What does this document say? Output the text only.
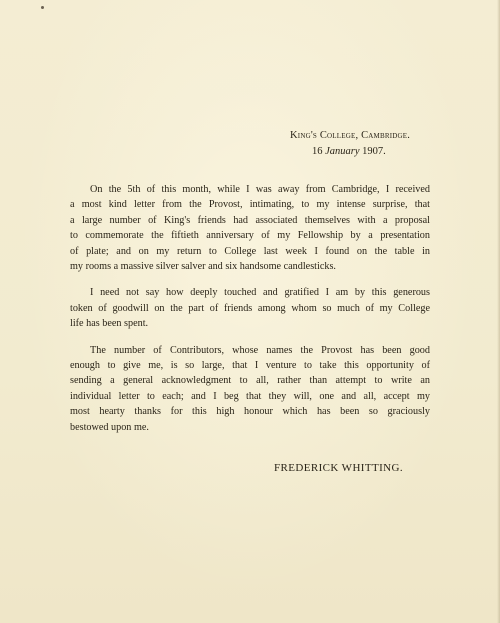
King's College, Cambridge.
16 January 1907.

On the 5th of this month, while I was away from Cambridge, I received
a most kind letter from the Provost, intimating, to my intense surprise, that
a large number of King's friends had associated themselves with a proposal
to commemorate the fiftieth anniversary of my Fellowship by a presentation
of plate; and on my return to College last week I found on the table in
my rooms a massive silver salver and six handsome candlesticks.

I need not say how deeply touched and gratified I am by this generous
token of goodwill on the part of friends among whom so much of my College
life has been spent.

The number of Contributors, whose names the Provost has been good
enough to give me, is so large, that I venture to take this opportunity of
sending a general acknowledgment to all, rather than attempt to write an
individual letter to each; and I beg that they will, one and all, accept my
most hearty thanks for this high honour which has been so graciously
bestowed upon me.

FREDERICK WHITTING.
